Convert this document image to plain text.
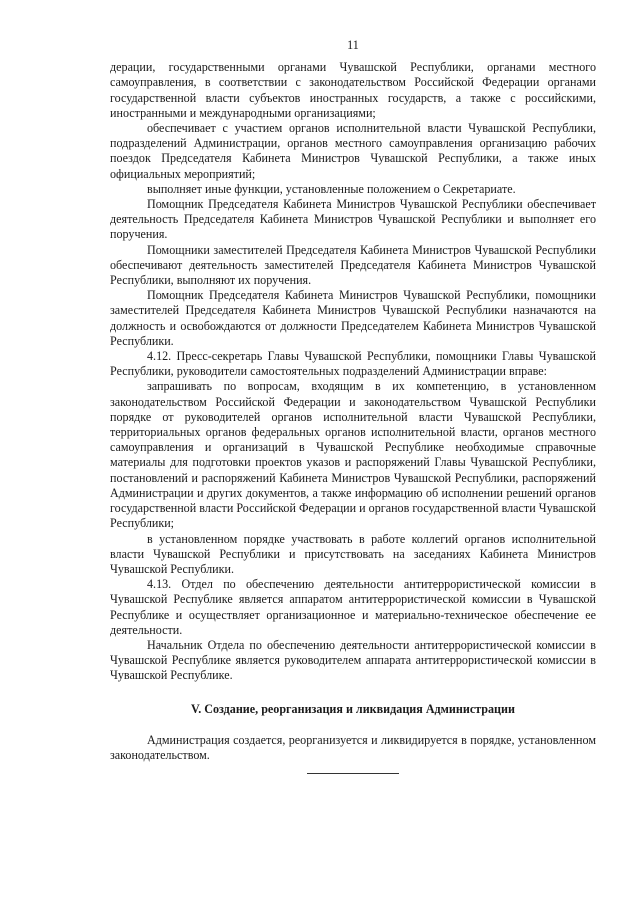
11

дерации, государственными органами Чувашской Республики, органами местного самоуправления, в соответствии с законодательством Российской Федерации органами государственной власти субъектов иностранных государств, а также с российскими, иностранными и международными организациями;

обеспечивает с участием органов исполнительной власти Чувашской Республики, подразделений Администрации, органов местного самоуправления организацию рабочих поездок Председателя Кабинета Министров Чувашской Республики, а также иных официальных мероприятий;

выполняет иные функции, установленные положением о Секретариате.

Помощник Председателя Кабинета Министров Чувашской Республики обеспечивает деятельность Председателя Кабинета Министров Чувашской Республики и выполняет его поручения.

Помощники заместителей Председателя Кабинета Министров Чувашской Республики обеспечивают деятельность заместителей Председателя Кабинета Министров Чувашской Республики, выполняют их поручения.

Помощник Председателя Кабинета Министров Чувашской Республики, помощники заместителей Председателя Кабинета Министров Чувашской Республики назначаются на должность и освобождаются от должности Председателем Кабинета Министров Чувашской Республики.

4.12. Пресс-секретарь Главы Чувашской Республики, помощники Главы Чувашской Республики, руководители самостоятельных подразделений Администрации вправе:

запрашивать по вопросам, входящим в их компетенцию, в установленном законодательством Российской Федерации и законодательством Чувашской Республики порядке от руководителей органов исполнительной власти Чувашской Республики, территориальных органов федеральных органов исполнительной власти, органов местного самоуправления и организаций в Чувашской Республике необходимые справочные материалы для подготовки проектов указов и распоряжений Главы Чувашской Республики, постановлений и распоряжений Кабинета Министров Чувашской Республики, распоряжений Администрации и других документов, а также информацию об исполнении решений органов государственной власти Российской Федерации и органов государственной власти Чувашской Республики;

в установленном порядке участвовать в работе коллегий органов исполнительной власти Чувашской Республики и присутствовать на заседаниях Кабинета Министров Чувашской Республики.

4.13. Отдел по обеспечению деятельности антитеррористической комиссии в Чувашской Республике является аппаратом антитеррористической комиссии в Чувашской Республике и осуществляет организационное и материально-техническое обеспечение ее деятельности.

Начальник Отдела по обеспечению деятельности антитеррористической комиссии в Чувашской Республике является руководителем аппарата антитеррористической комиссии в Чувашской Республике.

V. Создание, реорганизация и ликвидация Администрации

Администрация создается, реорганизуется и ликвидируется в порядке, установленном законодательством.
